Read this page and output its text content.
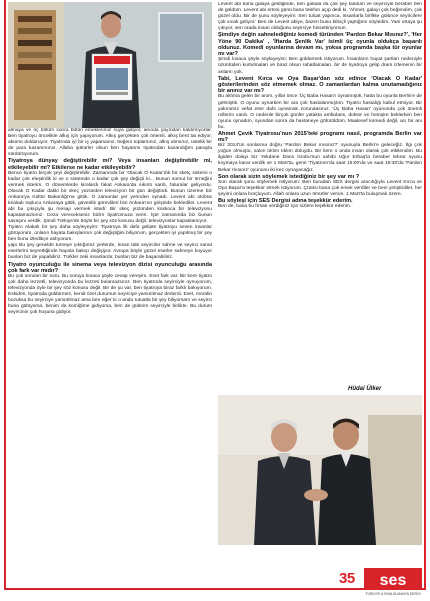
almaya ve üç bölüm sonra bütün emeklerimiz suya gidiyor, anında yayından kaldırılıyorlar. Ben tiyatroyu öncelikle alkış için yapıyorum. Alkış gerçekten çok önemli, alkış bent tat ediyor, akümü dolduruyor. Tiyatroda iyi bir iş yaparsanız, beğeni toplarsınız, alkış alırsınız, üstelik bir de para kazanırsınız. Allaha şükürler olsun ben hayatımı tiyatrodan kazandığım parayla sürdürüyorum.

Tiyatroya dünyay değiştirebilir mi? Veya insanları değiştirebilir mi, etkileyebilir mi? Etkilerse ne kadar etkileyebilir?

Bence tiyatro birçok şeyi değiştirebilir. Zamanında bir 'Olacak O Kadar'dık bir sketç sistemi o kadar çok eleştirdik ki ve o sistemde o kadar çok şey değişti ki... Bunun somut bir örneğini vermek isterim. O dönemlerde kiralardı fakat Ankara'da sıkıntı vardı, faturalar geliyordu. Olacak O Kadar dakki bir skeç yüzünden televizyon bir gün değiştirdi. Bunun üzerine biz Ankara'ya Kültür Bakanlığı'na gittik. O zamanlar yer yerinden oynadı. Levent abi otobüs kiraladı toplucu Ankaraya gittik, güvenlik görevlileri bizi Ankara'nın girişinde beklediler. Levent abi bu çıkışıyla şu mesajı vermek istedi: Bir skeç yüzünden koskoca bir televizyonu kapatamazsınız. Ceza verecekseniz bizim tiyatromuza verin. İşte zamanında biz bunun savaşını verdik. Şimdi Türkiye'de böyle bir şey söz konusu değil, televizyonlar kapatılamıyor.

Tiyatro Alakalı bir şey daha söyleyeyim: Tiyatroya ilk defa gelipte tiyatroyu seven insanlar görüyorum, onların hayata bakışlarının çok değiştiğini biliyorum, gerçekten iyi yapılmış bir şey ben bunu izledikçe anlıyorum.

yapı Bu şey genelde turneye çıktığımız yerlerde, İnsan tabi seyirciler sahne ve seyirci sanat eserlerini seyrettiğinde hayata bakışı değişiyor. Avrupa böyle güzel eserler sahneye koyuyor bunları biz de yapabiliriz. Türkler zeki insanlardır, bunları biz de başarabiliriz.

Tiyatro oyunculuğu ile sinema veya televizyon dizisi oyunculuğu arasında çok fark var mıdır?

Bu çok sorulan bir soru. Bu soruya kısaca şöyle cevap vereyim. Evet fark var. Bir kere tiyatro çok daha lezzetli, televizyonda bu lezzeti bulamazsınız. Ben tiyatroda seyirciyle oynuyorum, televizyonda öyle bir şey söz konusu değil. Bir de şu var, ben tiyatroya biraz farklı bakıyorum. Eskiden, tiyatroda güldürmez, kendi özel durumun seyirciye yansıtılmaz derlerdi. Evet, moralin bozuksa bu seyirciye yansıtılmaz ama ben eğer ki o anda tutuatla bir şey biliyorsam ve seyirci buna gülüyorsa, benim da komiğime gidiyorsa, ben de gülerim seyirciyle birlikte. Bu durum seyircinin çok hoşuna gidiyor.

Levent abi bana galaya geldiğinde, ben galada da çok şey buldum ve seyirciyle beraber ben de güldüm. Levent abi ertesi günü bana telefon açıp dedi ki, 'Ahmet, galayı çok beğendim, çok güzel oldu. Bir de şunu söyleyeyim: Sen tuluat yapınca, insanlarla birlikte gülünce seyircilere çok sıcak geliyor.' Ben de Levent abiye, bazen bunu bilinçli yaptığımı söyledim. Yani ortaya şu çıkıyor, sen orada insan olduğunu seyirciye hissettiriyorsun.

Şimdiye değin sahnelediğiniz komedi türünden 'Pardon Bekar Mısınız?', 'Her Yöne 90 Dakika' , 'İftarda Şenlik Var' isimli üç oyunla oldukça başarılı oldunuz. Komedi oyunlarına devam mı, yoksa programda başka tür oyunlar mı var?

Şimdi kısaca şöyle söyleyeyim: Ben güldürmek istiyorum. İnsanların hayat şartları nedeniyle üzüntüden kurtulmaları ve biraz olsun rahatlamaları, bir de tiyatroya gelip dram izlemenin bir anlamı yok.

Tabi, Levent Kırca ve Oya Başar'dan söz edince 'Olacak O Kadar' gösterilerinden söz etmemek olmaz. O zamanlardan kalma unutamadığınız bir anınız var mı?

Bu aklıma gelen bir anım, yıllar önce 'Üç Baba Hasan'ı oynamıştık, hatta bu oyunla Berlin'e de gelmiştik. O oyunu oynarken bir ara çok hastalanmıştım. Tiyatro hastalığı kabul etmiyor. Bir yakınımız vefat etse dahi oynamak zorundasınız. 'Üç Baba Hasan' oyununda çok önemli rollerim vardı. O nedenle birçok günler yatakta ambulans, doktor ve hemşire beklerken ben oyunu oynadım, oyundan sonra da hastaneye götürüldüm. Maalesef komedi değil, acı bir anı bu.

Ahmet Çevik Tiyatrosu'nun 2015'teki programı nasıl, programda Berlin var mı?

Biz 2014'ün sonlarına doğru 'Pardon Bekar mısınız?' oyunuyla Berlin'e geleceğiz. İlgi çok yoğun olmuştu, salon tıklım tıklım doluydu. Bir kere o anda insan olarak çok etkilendim. Bu ilgiden dolayı biz Yekdane Dans Grubu'nun sahibi Uğur Erbaş'la beraber tekrar oyunu koymaya karar verdik ve 1 Mart'ta, gene 'Tiyatrom'da saat 15:00'da ve saat 18:30'da 'Pardon Bekar mısınız' oyununu iki kez oynayacağız.

Son olarak sizin söylemek istediğiniz bir şey var mı ?

Son olarak şunu söylemek istiyorum: Ben buradan SES dergisi aracılığıyla Levent Kırca ve Oya Başar'a teşekkür etmek istiyorum. Çünkü bana çok emek verdiler ve beni yetiştirdiler, her şeyimi onlara borçluyum. Allah onlara uzun ömürler versin. 1 Mart'ta buluşmak üzere.

Bu söyleşi için SES Dergisi adına teşekkür ederim.

Ben de, bana bu fırsatı verdiğiniz için sizlere teşekkür ederim.

Hüdai Ülker
35 ses
TÜRKİYE & İRAN ALMANYA DERGİ
